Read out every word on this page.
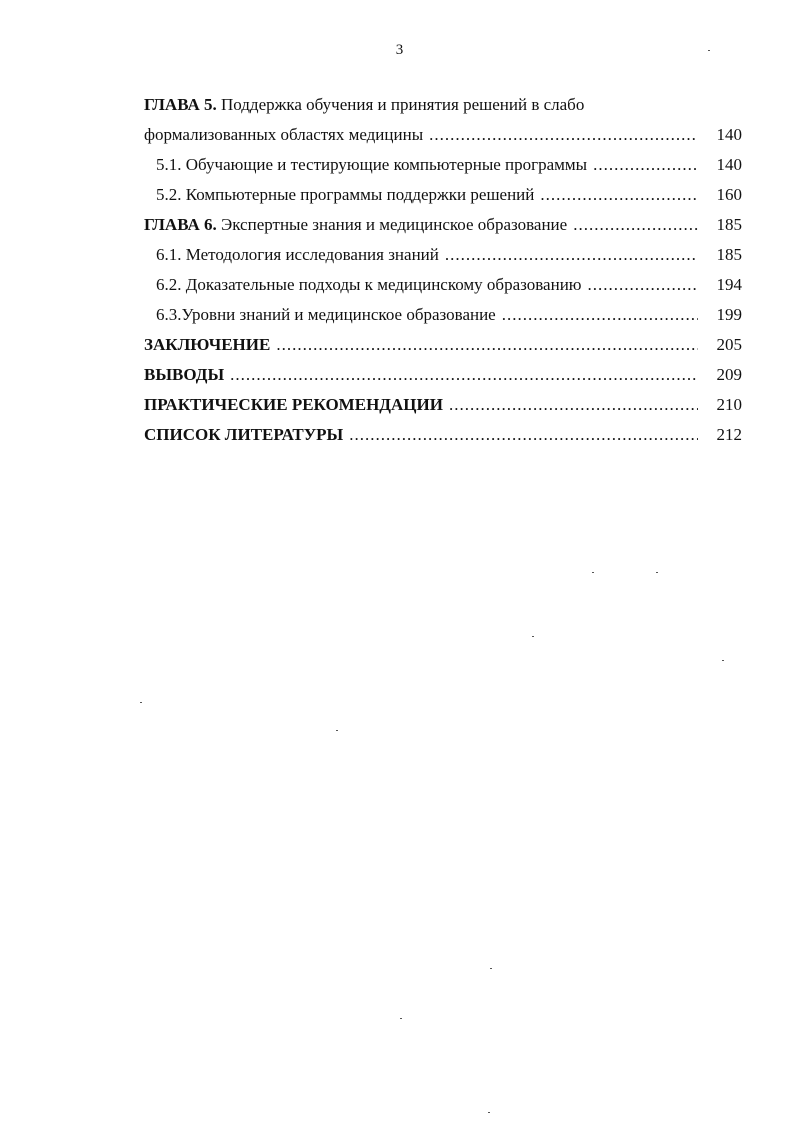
3
ГЛАВА 5. Поддержка обучения и принятия решений в слабо
формализованных областях медицины .....	140
5.1. Обучающие и тестирующие компьютерные программы .....	140
5.2. Компьютерные программы поддержки решений .....	160
ГЛАВА 6. Экспертные знания и медицинское образование .....	185
6.1. Методология исследования знаний .....	185
6.2. Доказательные подходы к медицинскому образованию .....	194
6.3.Уровни знаний и медицинское образование .....	199
ЗАКЛЮЧЕНИЕ .....	205
ВЫВОДЫ .....	209
ПРАКТИЧЕСКИЕ РЕКОМЕНДАЦИИ .....	210
СПИСОК ЛИТЕРАТУРЫ .....	212
